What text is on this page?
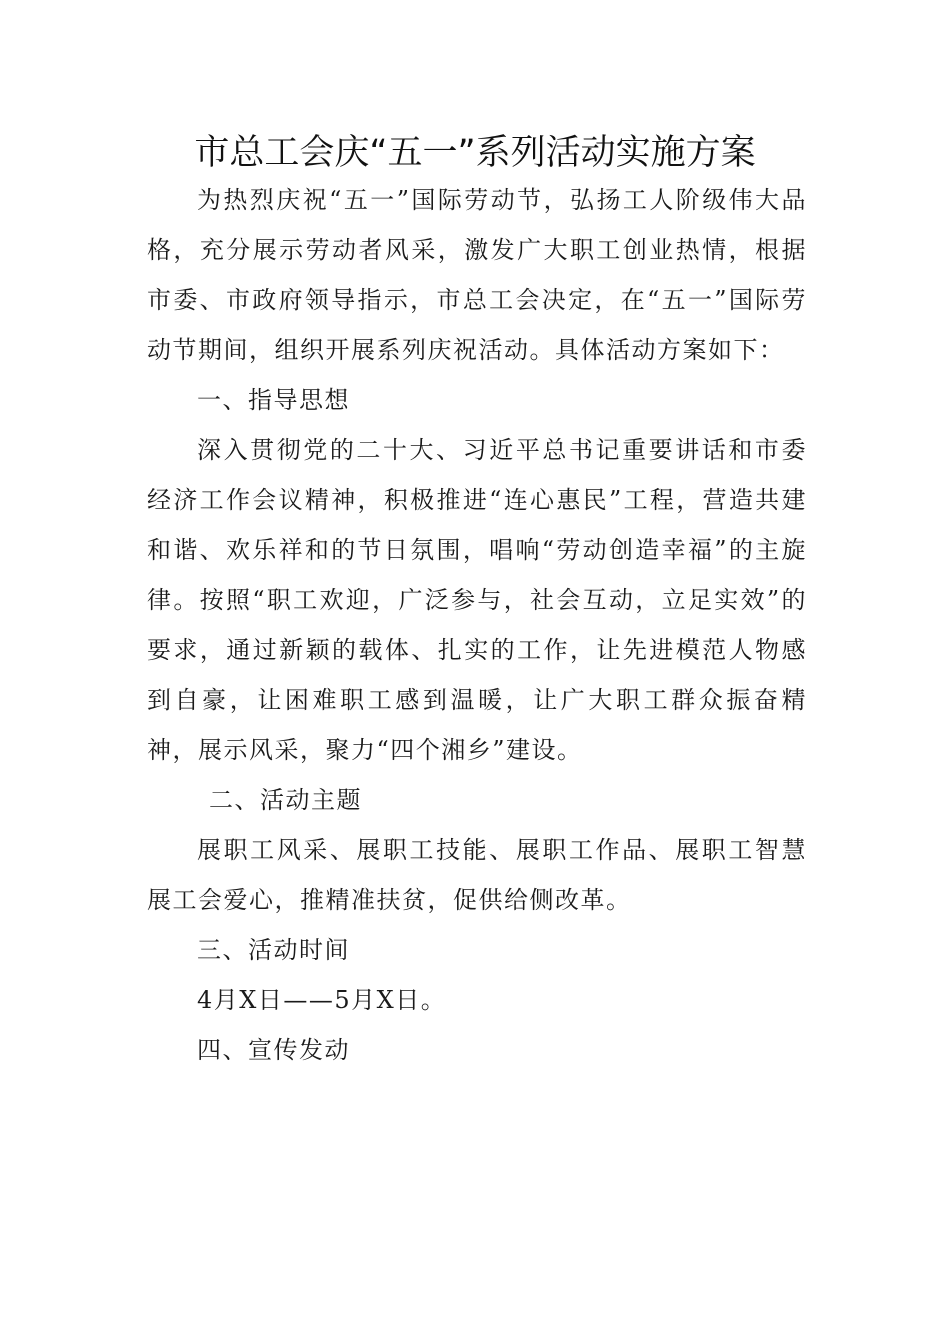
市总工会庆“五一”系列活动实施方案

为热烈庆祝“五一”国际劳动节，弘扬工人阶级伟大品格，充分展示劳动者风采，激发广大职工创业热情，根据市委、市政府领导指示，市总工会决定，在“五一”国际劳动节期间，组织开展系列庆祝活动。具体活动方案如下：

一、指导思想

深入贯彻党的二十大、习近平总书记重要讲话和市委经济工作会议精神，积极推进“连心惠民”工程，营造共建和谐、欢乐祥和的节日氛围，唱响“劳动创造幸福”的主旋律。按照“职工欢迎，广泛参与，社会互动，立足实效”的要求，通过新颖的载体、扎实的工作，让先进模范人物感到自豪，让困难职工感到温暖，让广大职工群众振奋精神，展示风采，聚力“四个湘乡”建设。

二、活动主题

展职工风采、展职工技能、展职工作品、展职工智慧展工会爱心，推精准扶贫，促供给侧改革。

三、活动时间

4月X日——5月X日。

四、宣传发动
